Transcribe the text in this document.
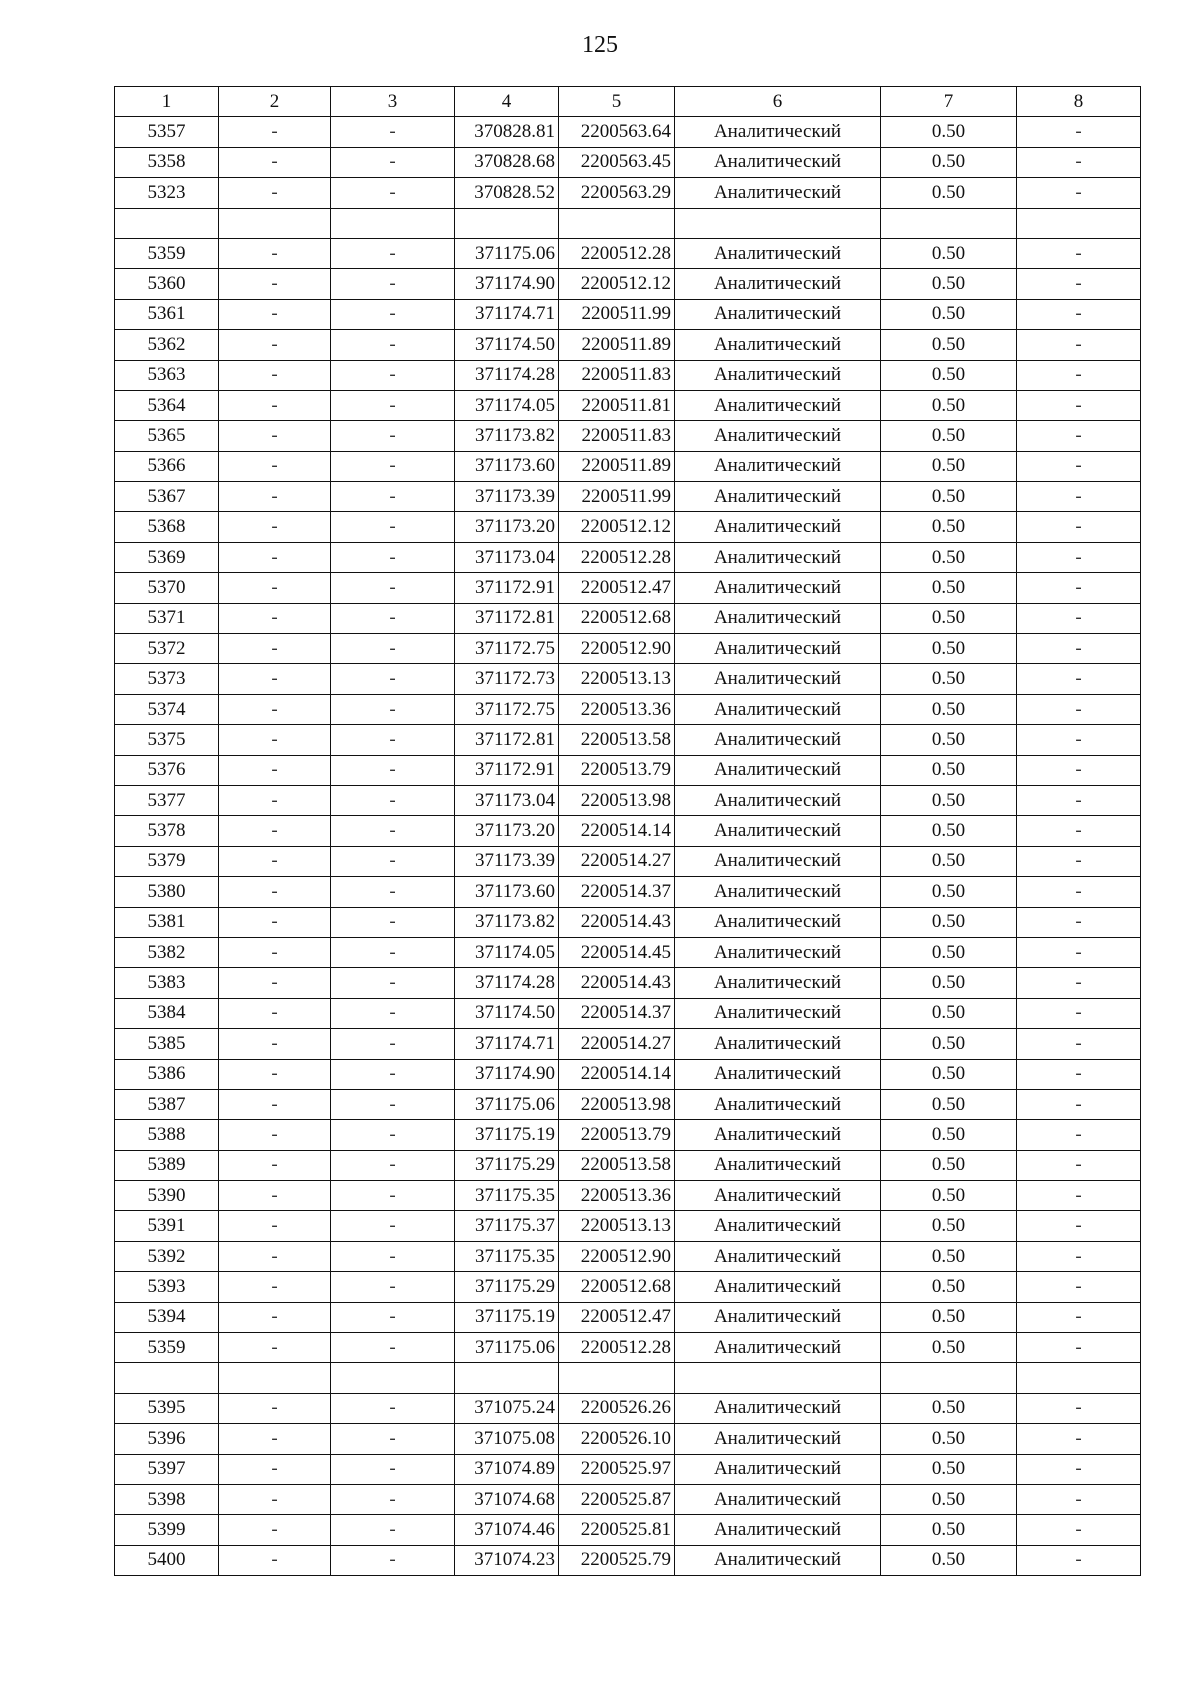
125
1	2	3	4	5	6	7	8
5357	-	-	370828.81	2200563.64	Аналитический	0.50	-
5358	-	-	370828.68	2200563.45	Аналитический	0.50	-
5323	-	-	370828.52	2200563.29	Аналитический	0.50	-

5359	-	-	371175.06	2200512.28	Аналитический	0.50	-
5360	-	-	371174.90	2200512.12	Аналитический	0.50	-
5361	-	-	371174.71	2200511.99	Аналитический	0.50	-
5362	-	-	371174.50	2200511.89	Аналитический	0.50	-
5363	-	-	371174.28	2200511.83	Аналитический	0.50	-
5364	-	-	371174.05	2200511.81	Аналитический	0.50	-
5365	-	-	371173.82	2200511.83	Аналитический	0.50	-
5366	-	-	371173.60	2200511.89	Аналитический	0.50	-
5367	-	-	371173.39	2200511.99	Аналитический	0.50	-
5368	-	-	371173.20	2200512.12	Аналитический	0.50	-
5369	-	-	371173.04	2200512.28	Аналитический	0.50	-
5370	-	-	371172.91	2200512.47	Аналитический	0.50	-
5371	-	-	371172.81	2200512.68	Аналитический	0.50	-
5372	-	-	371172.75	2200512.90	Аналитический	0.50	-
5373	-	-	371172.73	2200513.13	Аналитический	0.50	-
5374	-	-	371172.75	2200513.36	Аналитический	0.50	-
5375	-	-	371172.81	2200513.58	Аналитический	0.50	-
5376	-	-	371172.91	2200513.79	Аналитический	0.50	-
5377	-	-	371173.04	2200513.98	Аналитический	0.50	-
5378	-	-	371173.20	2200514.14	Аналитический	0.50	-
5379	-	-	371173.39	2200514.27	Аналитический	0.50	-
5380	-	-	371173.60	2200514.37	Аналитический	0.50	-
5381	-	-	371173.82	2200514.43	Аналитический	0.50	-
5382	-	-	371174.05	2200514.45	Аналитический	0.50	-
5383	-	-	371174.28	2200514.43	Аналитический	0.50	-
5384	-	-	371174.50	2200514.37	Аналитический	0.50	-
5385	-	-	371174.71	2200514.27	Аналитический	0.50	-
5386	-	-	371174.90	2200514.14	Аналитический	0.50	-
5387	-	-	371175.06	2200513.98	Аналитический	0.50	-
5388	-	-	371175.19	2200513.79	Аналитический	0.50	-
5389	-	-	371175.29	2200513.58	Аналитический	0.50	-
5390	-	-	371175.35	2200513.36	Аналитический	0.50	-
5391	-	-	371175.37	2200513.13	Аналитический	0.50	-
5392	-	-	371175.35	2200512.90	Аналитический	0.50	-
5393	-	-	371175.29	2200512.68	Аналитический	0.50	-
5394	-	-	371175.19	2200512.47	Аналитический	0.50	-
5359	-	-	371175.06	2200512.28	Аналитический	0.50	-

5395	-	-	371075.24	2200526.26	Аналитический	0.50	-
5396	-	-	371075.08	2200526.10	Аналитический	0.50	-
5397	-	-	371074.89	2200525.97	Аналитический	0.50	-
5398	-	-	371074.68	2200525.87	Аналитический	0.50	-
5399	-	-	371074.46	2200525.81	Аналитический	0.50	-
5400	-	-	371074.23	2200525.79	Аналитический	0.50	-
